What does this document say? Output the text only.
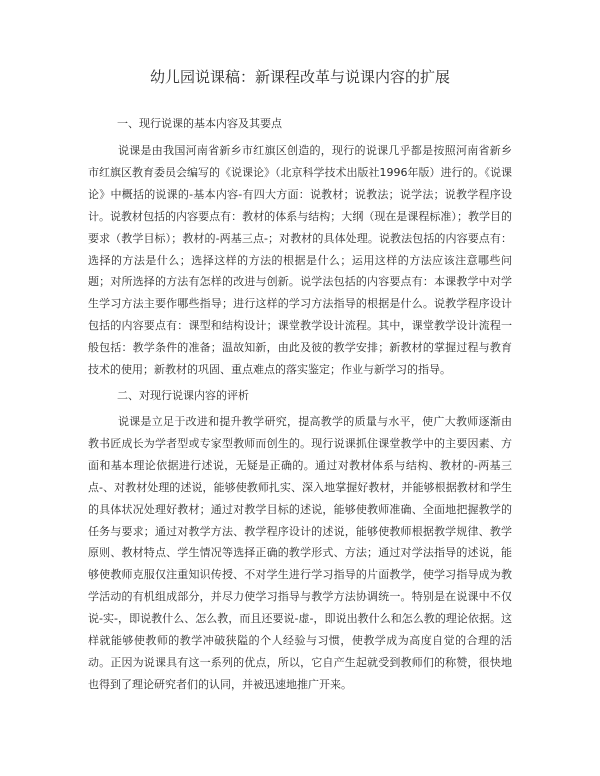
幼儿园说课稿：新课程改革与说课内容的扩展
一、现行说课的基本内容及其要点

说课是由我国河南省新乡市红旗区创造的，现行的说课几乎都是按照河南省新乡市红旗区教育委员会编写的《说课论》（北京科学技术出版社1996年版）进行的。《说课论》中概括的说课的-基本内容-有四大方面：说教材；说教法；说学法；说教学程序设计。说教材包括的内容要点有：教材的体系与结构；大纲（现在是课程标准）；教学目的要求（教学目标）；教材的-两基三点-；对教材的具体处理。说教法包括的内容要点有：选择的方法是什么；选择这样的方法的根据是什么；运用这样的方法应该注意哪些问题；对所选择的方法有怎样的改进与创新。说学法包括的内容要点有：本课教学中对学生学习方法主要作哪些指导；进行这样的学习方法指导的根据是什么。说教学程序设计包括的内容要点有：课型和结构设计；课堂教学设计流程。其中，课堂教学设计流程一般包括：教学条件的准备；温故知新，由此及彼的教学安排；新教材的掌握过程与教育技术的使用；新教材的巩固、重点难点的落实鉴定；作业与新学习的指导。

二、对现行说课内容的评析

说课是立足于改进和提升教学研究，提高教学的质量与水平，使广大教师逐渐由教书匠成长为学者型或专家型教师而创生的。现行说课抓住课堂教学中的主要因素、方面和基本理论依据进行述说，无疑是正确的。通过对教材体系与结构、教材的-两基三点-、对教材处理的述说，能够使教师扎实、深入地掌握好教材，并能够根据教材和学生的具体状况处理好教材；通过对教学目标的述说，能够使教师准确、全面地把握教学的任务与要求；通过对教学方法、教学程序设计的述说，能够使教师根据教学规律、教学原则、教材特点、学生情况等选择正确的教学形式、方法；通过对学法指导的述说，能够使教师克服仅注重知识传授、不对学生进行学习指导的片面教学，使学习指导成为教学活动的有机组成部分，并尽力使学习指导与教学方法协调统一。特别是在说课中不仅说-实-，即说教什么、怎么教，而且还要说-虚-，即说出教什么和怎么教的理论依据。这样就能够使教师的教学冲破狭隘的个人经验与习惯，使教学成为高度自觉的合理的活动。正因为说课具有这一系列的优点，所以，它自产生起就受到教师们的称赞，很快地也得到了理论研究者们的认同，并被迅速地推广开来。
